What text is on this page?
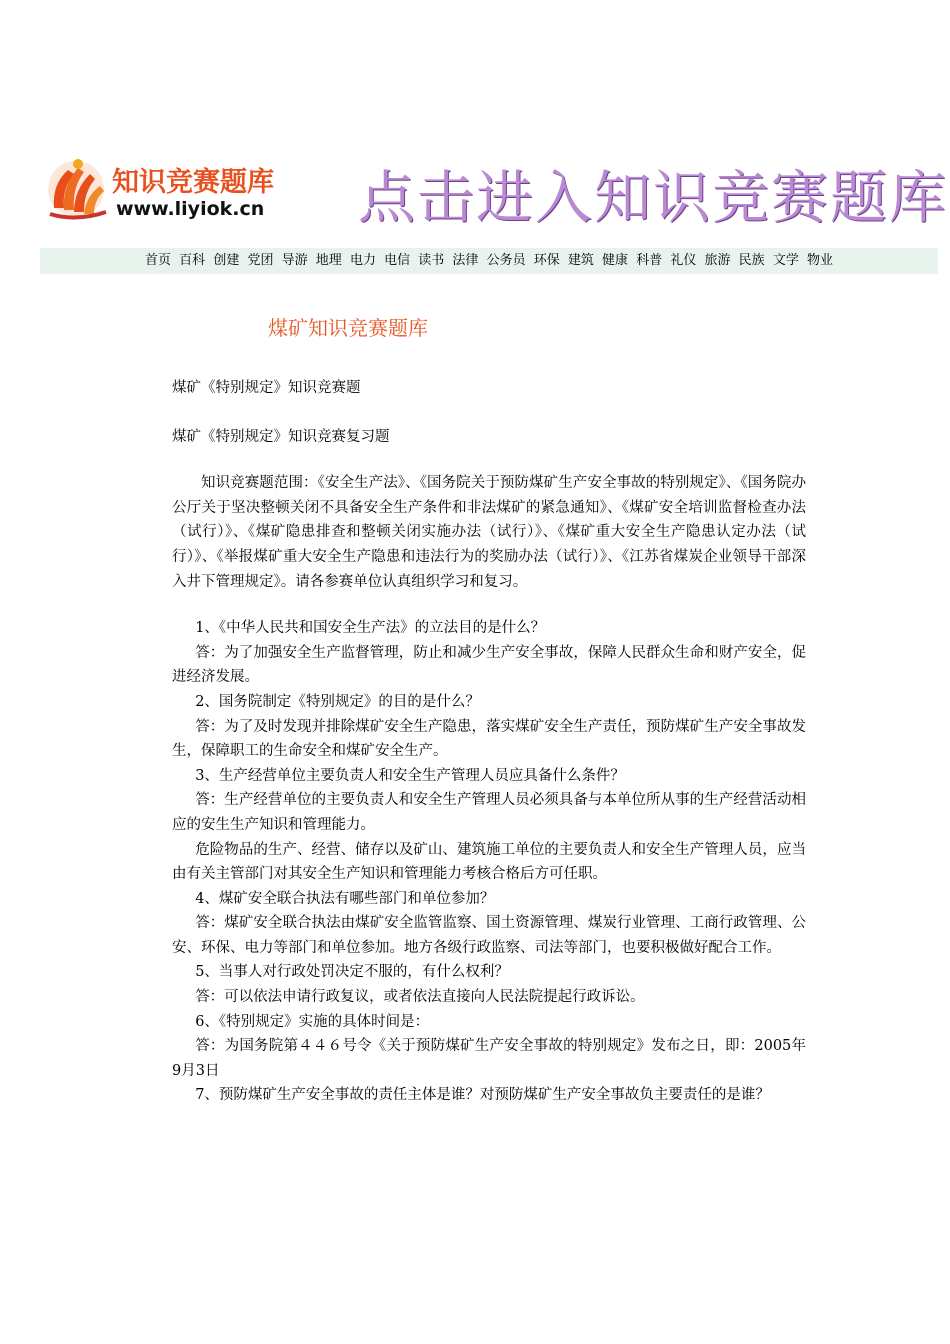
知识竞赛题库
www.liyiok.cn 点击进入知识竞赛题库
首页 百科 创建 党团 导游 地理 电力 电信 读书 法律 公务员 环保 建筑 健康 科普 礼仪 旅游 民族 文学 物业
煤矿知识竞赛题库

煤矿《特别规定》知识竞赛题

煤矿《特别规定》知识竞赛复习题

知识竞赛题范围：《安全生产法》、《国务院关于预防煤矿生产安全事故的特别规定》、《国务院办公厅关于坚决整顿关闭不具备安全生产条件和非法煤矿的紧急通知》、《煤矿安全培训监督检查办法（试行）》、《煤矿隐患排查和整顿关闭实施办法（试行）》、《煤矿重大安全生产隐患认定办法（试行）》、《举报煤矿重大安全生产隐患和违法行为的奖励办法（试行）》、《江苏省煤炭企业领导干部深入井下管理规定》。请各参赛单位认真组织学习和复习。

1、《中华人民共和国安全生产法》的立法目的是什么？

答：为了加强安全生产监督管理，防止和减少生产安全事故，保障人民群众生命和财产安全，促进经济发展。

2、国务院制定《特别规定》的目的是什么？

答：为了及时发现并排除煤矿安全生产隐患，落实煤矿安全生产责任，预防煤矿生产安全事故发生，保障职工的生命安全和煤矿安全生产。

3、生产经营单位主要负责人和安全生产管理人员应具备什么条件？

答：生产经营单位的主要负责人和安全生产管理人员必须具备与本单位所从事的生产经营活动相应的安生生产知识和管理能力。

危险物品的生产、经营、储存以及矿山、建筑施工单位的主要负责人和安全生产管理人员，应当由有关主管部门对其安全生产知识和管理能力考核合格后方可任职。

4、煤矿安全联合执法有哪些部门和单位参加？

答：煤矿安全联合执法由煤矿安全监管监察、国土资源管理、煤炭行业管理、工商行政管理、公安、环保、电力等部门和单位参加。地方各级行政监察、司法等部门，也要积极做好配合工作。

5、当事人对行政处罚决定不服的，有什么权利？

答：可以依法申请行政复议，或者依法直接向人民法院提起行政诉讼。

6、《特别规定》实施的具体时间是：

答：为国务院第４４６号令《关于预防煤矿生产安全事故的特别规定》发布之日，即：2005年9月3日

7、预防煤矿生产安全事故的责任主体是谁？对预防煤矿生产安全事故负主要责任的是谁？
